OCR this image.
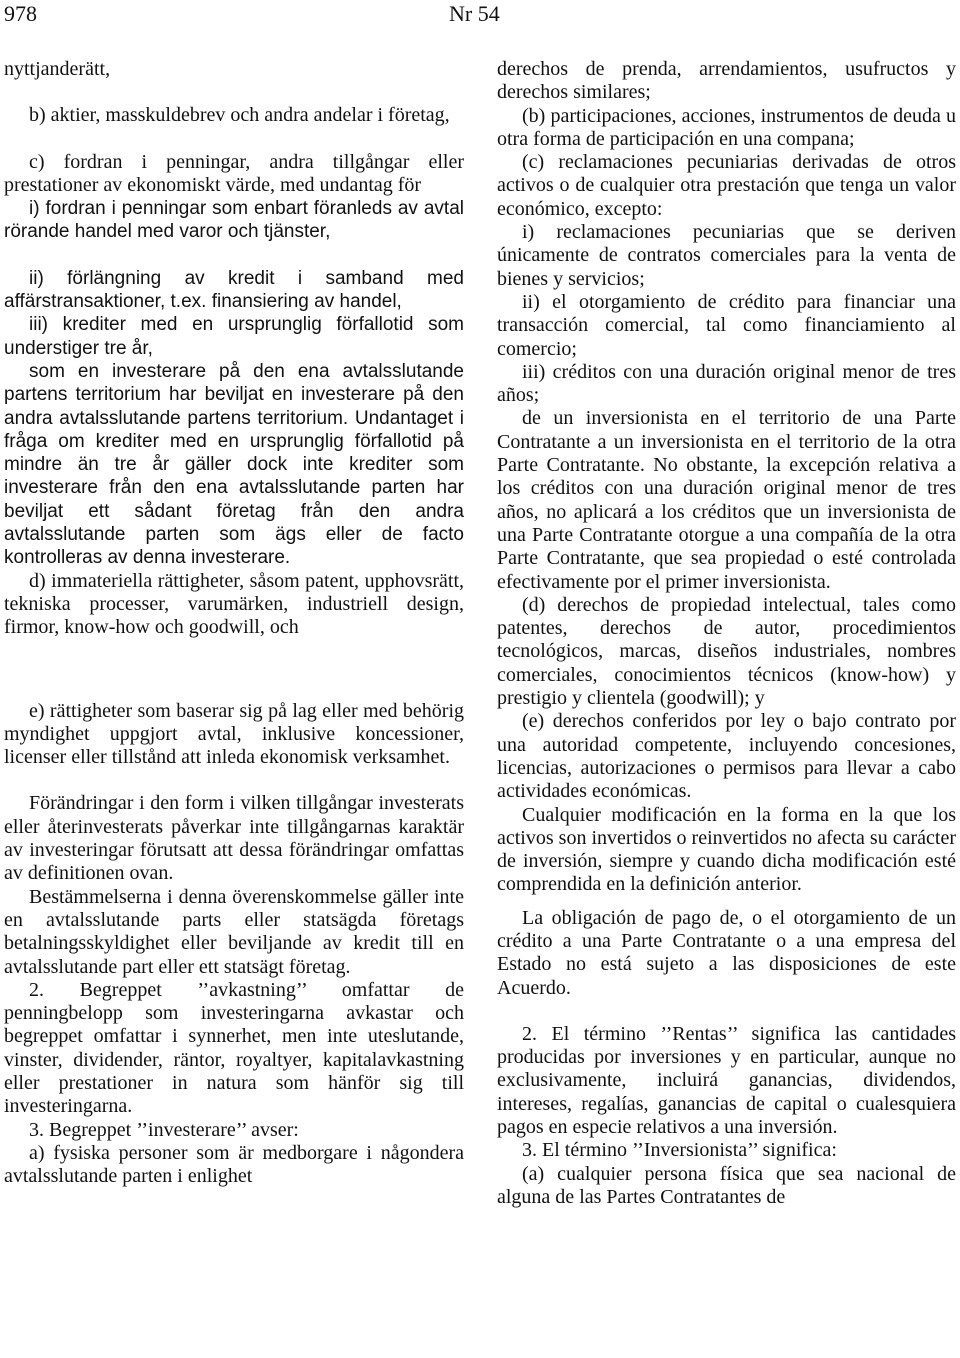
978	Nr 54

nyttjanderätt,

b) aktier, masskuldebrev och andra andelar i företag,

c) fordran i penningar, andra tillgångar eller prestationer av ekonomiskt värde, med undantag för

i) fordran i penningar som enbart föranleds av avtal rörande handel med varor och tjänster,

ii) förlängning av kredit i samband med affärstransaktioner, t.ex. finansiering av handel,

iii) krediter med en ursprunglig förfallotid som understiger tre år,

som en investerare på den ena avtalsslutande partens territorium har beviljat en investerare på den andra avtalsslutande partens territorium. Undantaget i fråga om krediter med en ursprunglig förfallotid på mindre än tre år gäller dock inte krediter som investerare från den ena avtalsslutande parten har beviljat ett sådant företag från den andra avtalsslutande parten som ägs eller de facto kontrolleras av denna investerare.

d) immateriella rättigheter, såsom patent, upphovsrätt, tekniska processer, varumärken, industriell design, firmor, know-how och goodwill, och

e) rättigheter som baserar sig på lag eller med behörig myndighet uppgjort avtal, inklusive koncessioner, licenser eller tillstånd att inleda ekonomisk verksamhet.

Förändringar i den form i vilken tillgångar investerats eller återinvesterats påverkar inte tillgångarnas karaktär av investeringar förutsatt att dessa förändringar omfattas av definitionen ovan.

Bestämmelserna i denna överenskommelse gäller inte en avtalsslutande parts eller statsägda företags betalningsskyldighet eller beviljande av kredit till en avtalsslutande part eller ett statsägt företag.

2. Begreppet ’’avkastning’’ omfattar de penningbelopp som investeringarna avkastar och begreppet omfattar i synnerhet, men inte uteslutande, vinster, dividender, räntor, royaltyer, kapitalavkastning eller prestationer in natura som hänför sig till investeringarna.

3. Begreppet ’’investerare’’ avser:

a) fysiska personer som är medborgare i någondera avtalsslutande parten i enlighet

derechos de prenda, arrendamientos, usufructos y derechos similares;

(b) participaciones, acciones, instrumentos de deuda u otra forma de participación en una compana;

(c) reclamaciones pecuniarias derivadas de otros activos o de cualquier otra prestación que tenga un valor económico, excepto:

i) reclamaciones pecuniarias que se deriven únicamente de contratos comerciales para la venta de bienes y servicios;

ii) el otorgamiento de crédito para financiar una transacción comercial, tal como financiamiento al comercio;

iii) créditos con una duración original menor de tres años;

de un inversionista en el territorio de una Parte Contratante a un inversionista en el territorio de la otra Parte Contratante. No obstante, la excepción relativa a los créditos con una duración original menor de tres años, no aplicará a los créditos que un inversionista de una Parte Contratante otorgue a una compañía de la otra Parte Contratante, que sea propiedad o esté controlada efectivamente por el primer inversionista.

(d) derechos de propiedad intelectual, tales como patentes, derechos de autor, procedimientos tecnológicos, marcas, diseños industriales, nombres comerciales, conocimientos técnicos (know-how) y prestigio y clientela (goodwill); y

(e) derechos conferidos por ley o bajo contrato por una autoridad competente, incluyendo concesiones, licencias, autorizaciones o permisos para llevar a cabo actividades económicas.

Cualquier modificación en la forma en la que los activos son invertidos o reinvertidos no afecta su carácter de inversión, siempre y cuando dicha modificación esté comprendida en la definición anterior.

La obligación de pago de, o el otorgamiento de un crédito a una Parte Contratante o a una empresa del Estado no está sujeto a las disposiciones de este Acuerdo.

2. El término ’’Rentas’’ significa las cantidades producidas por inversiones y en particular, aunque no exclusivamente, incluirá ganancias, dividendos, intereses, regalías, ganancias de capital o cualesquiera pagos en especie relativos a una inversión.

3. El término ’’Inversionista’’ significa:

(a) cualquier persona física que sea nacional de alguna de las Partes Contratantes de
